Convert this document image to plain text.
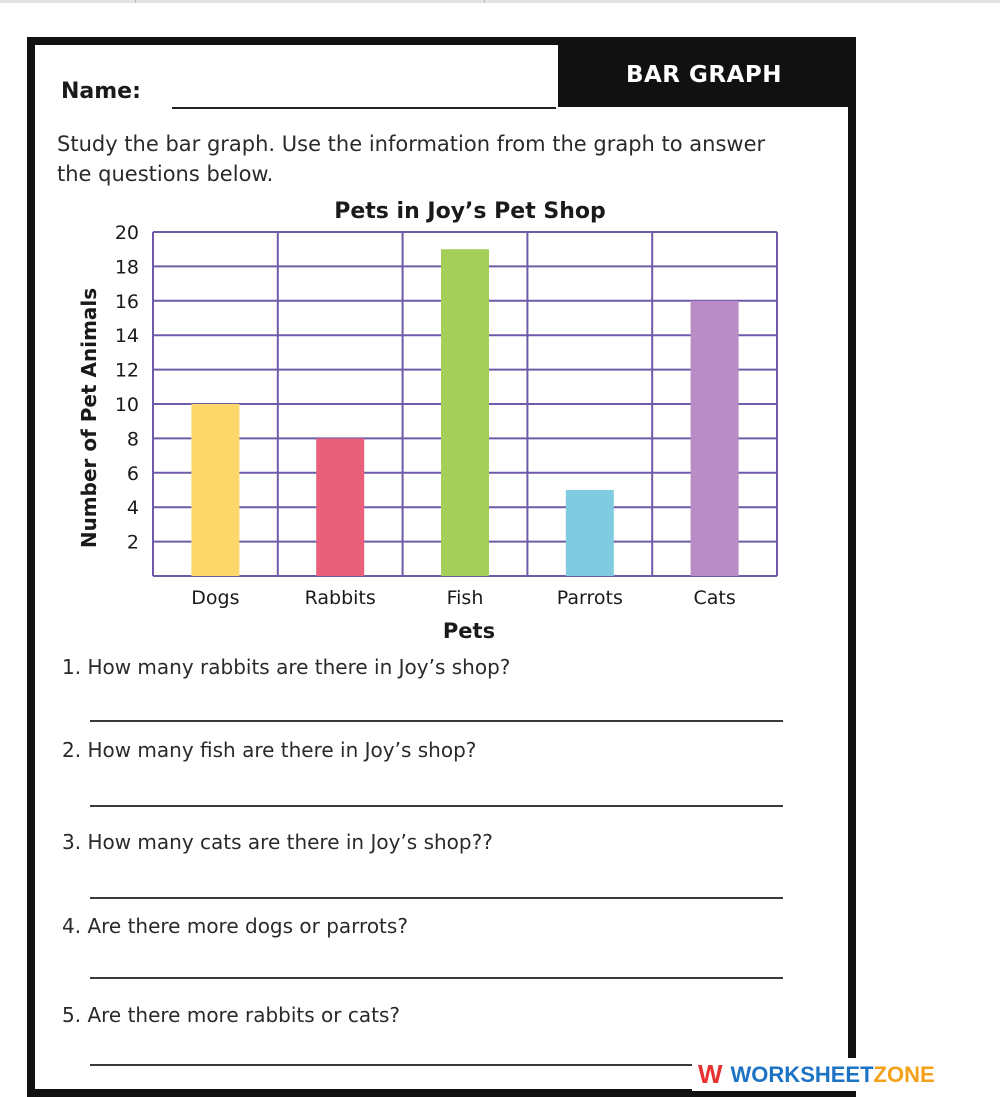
Name:
BAR GRAPH
Study the bar graph. Use the information from the graph to answer the questions below.
Pets in Joy’s Pet Shop
Number of Pet Animals
Pets
Dogs	Rabbits	Fish	Parrots	Cats
2
4
6
8
10
12
14
16
18
20
1. How many rabbits are there in Joy’s shop?
2. How many fish are there in Joy’s shop?
3. How many cats are there in Joy’s shop??
4. Are there more dogs or parrots?
5. Are there more rabbits or cats?
W WORKSHEET ZONE
